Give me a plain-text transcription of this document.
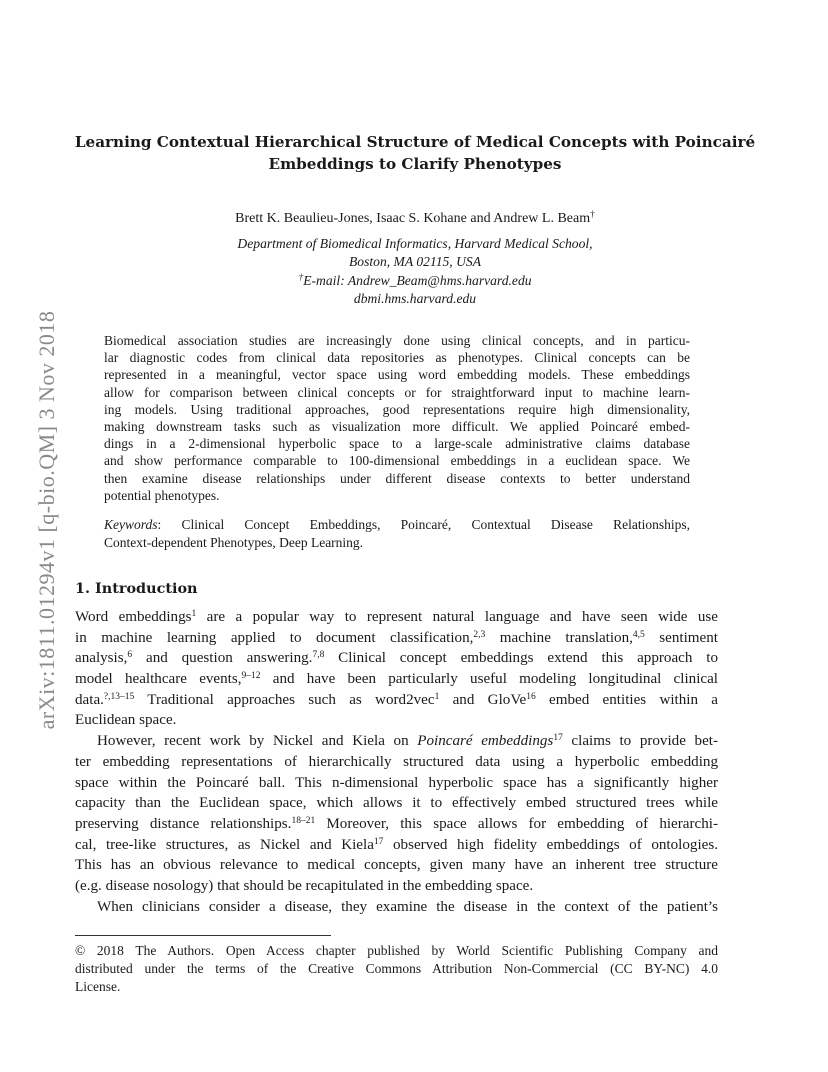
arXiv:1811.01294v1 [q-bio.QM] 3 Nov 2018
Learning Contextual Hierarchical Structure of Medical Concepts with Poincairé
Embeddings to Clarify Phenotypes
Brett K. Beaulieu-Jones, Isaac S. Kohane and Andrew L. Beam†
Department of Biomedical Informatics, Harvard Medical School,
Boston, MA 02115, USA
†E-mail: Andrew_Beam@hms.harvard.edu
dbmi.hms.harvard.edu
Biomedical association studies are increasingly done using clinical concepts, and in particu-
lar diagnostic codes from clinical data repositories as phenotypes. Clinical concepts can be
represented in a meaningful, vector space using word embedding models. These embeddings
allow for comparison between clinical concepts or for straightforward input to machine learn-
ing models. Using traditional approaches, good representations require high dimensionality,
making downstream tasks such as visualization more difficult. We applied Poincaré embed-
dings in a 2-dimensional hyperbolic space to a large-scale administrative claims database
and show performance comparable to 100-dimensional embeddings in a euclidean space. We
then examine disease relationships under different disease contexts to better understand
potential phenotypes.
Keywords: Clinical Concept Embeddings, Poincaré, Contextual Disease Relationships,
Context-dependent Phenotypes, Deep Learning.
1. Introduction
Word embeddings$^1$ are a popular way to represent natural language and have seen wide use
in machine learning applied to document classification,$^{2,3}$ machine translation,$^{4,5}$ sentiment
analysis,$^6$ and question answering.$^{7,8}$ Clinical concept embeddings extend this approach to
model healthcare events,$^{9-12}$ and have been particularly useful modeling longitudinal clinical
data.$^{?,13-15}$ Traditional approaches such as word2vec$^1$ and GloVe$^{16}$ embed entities within a
Euclidean space.
However, recent work by Nickel and Kiela on Poincaré embeddings$^{17}$ claims to provide bet-
ter embedding representations of hierarchically structured data using a hyperbolic embedding
space within the Poincaré ball. This n-dimensional hyperbolic space has a significantly higher
capacity than the Euclidean space, which allows it to effectively embed structured trees while
preserving distance relationships.$^{18-21}$ Moreover, this space allows for embedding of hierarchi-
cal, tree-like structures, as Nickel and Kiela$^{17}$ observed high fidelity embeddings of ontologies.
This has an obvious relevance to medical concepts, given many have an inherent tree structure
(e.g. disease nosology) that should be recapitulated in the embedding space.
When clinicians consider a disease, they examine the disease in the context of the patient’s
© 2018 The Authors. Open Access chapter published by World Scientific Publishing Company and
distributed under the terms of the Creative Commons Attribution Non-Commercial (CC BY-NC) 4.0
License.
